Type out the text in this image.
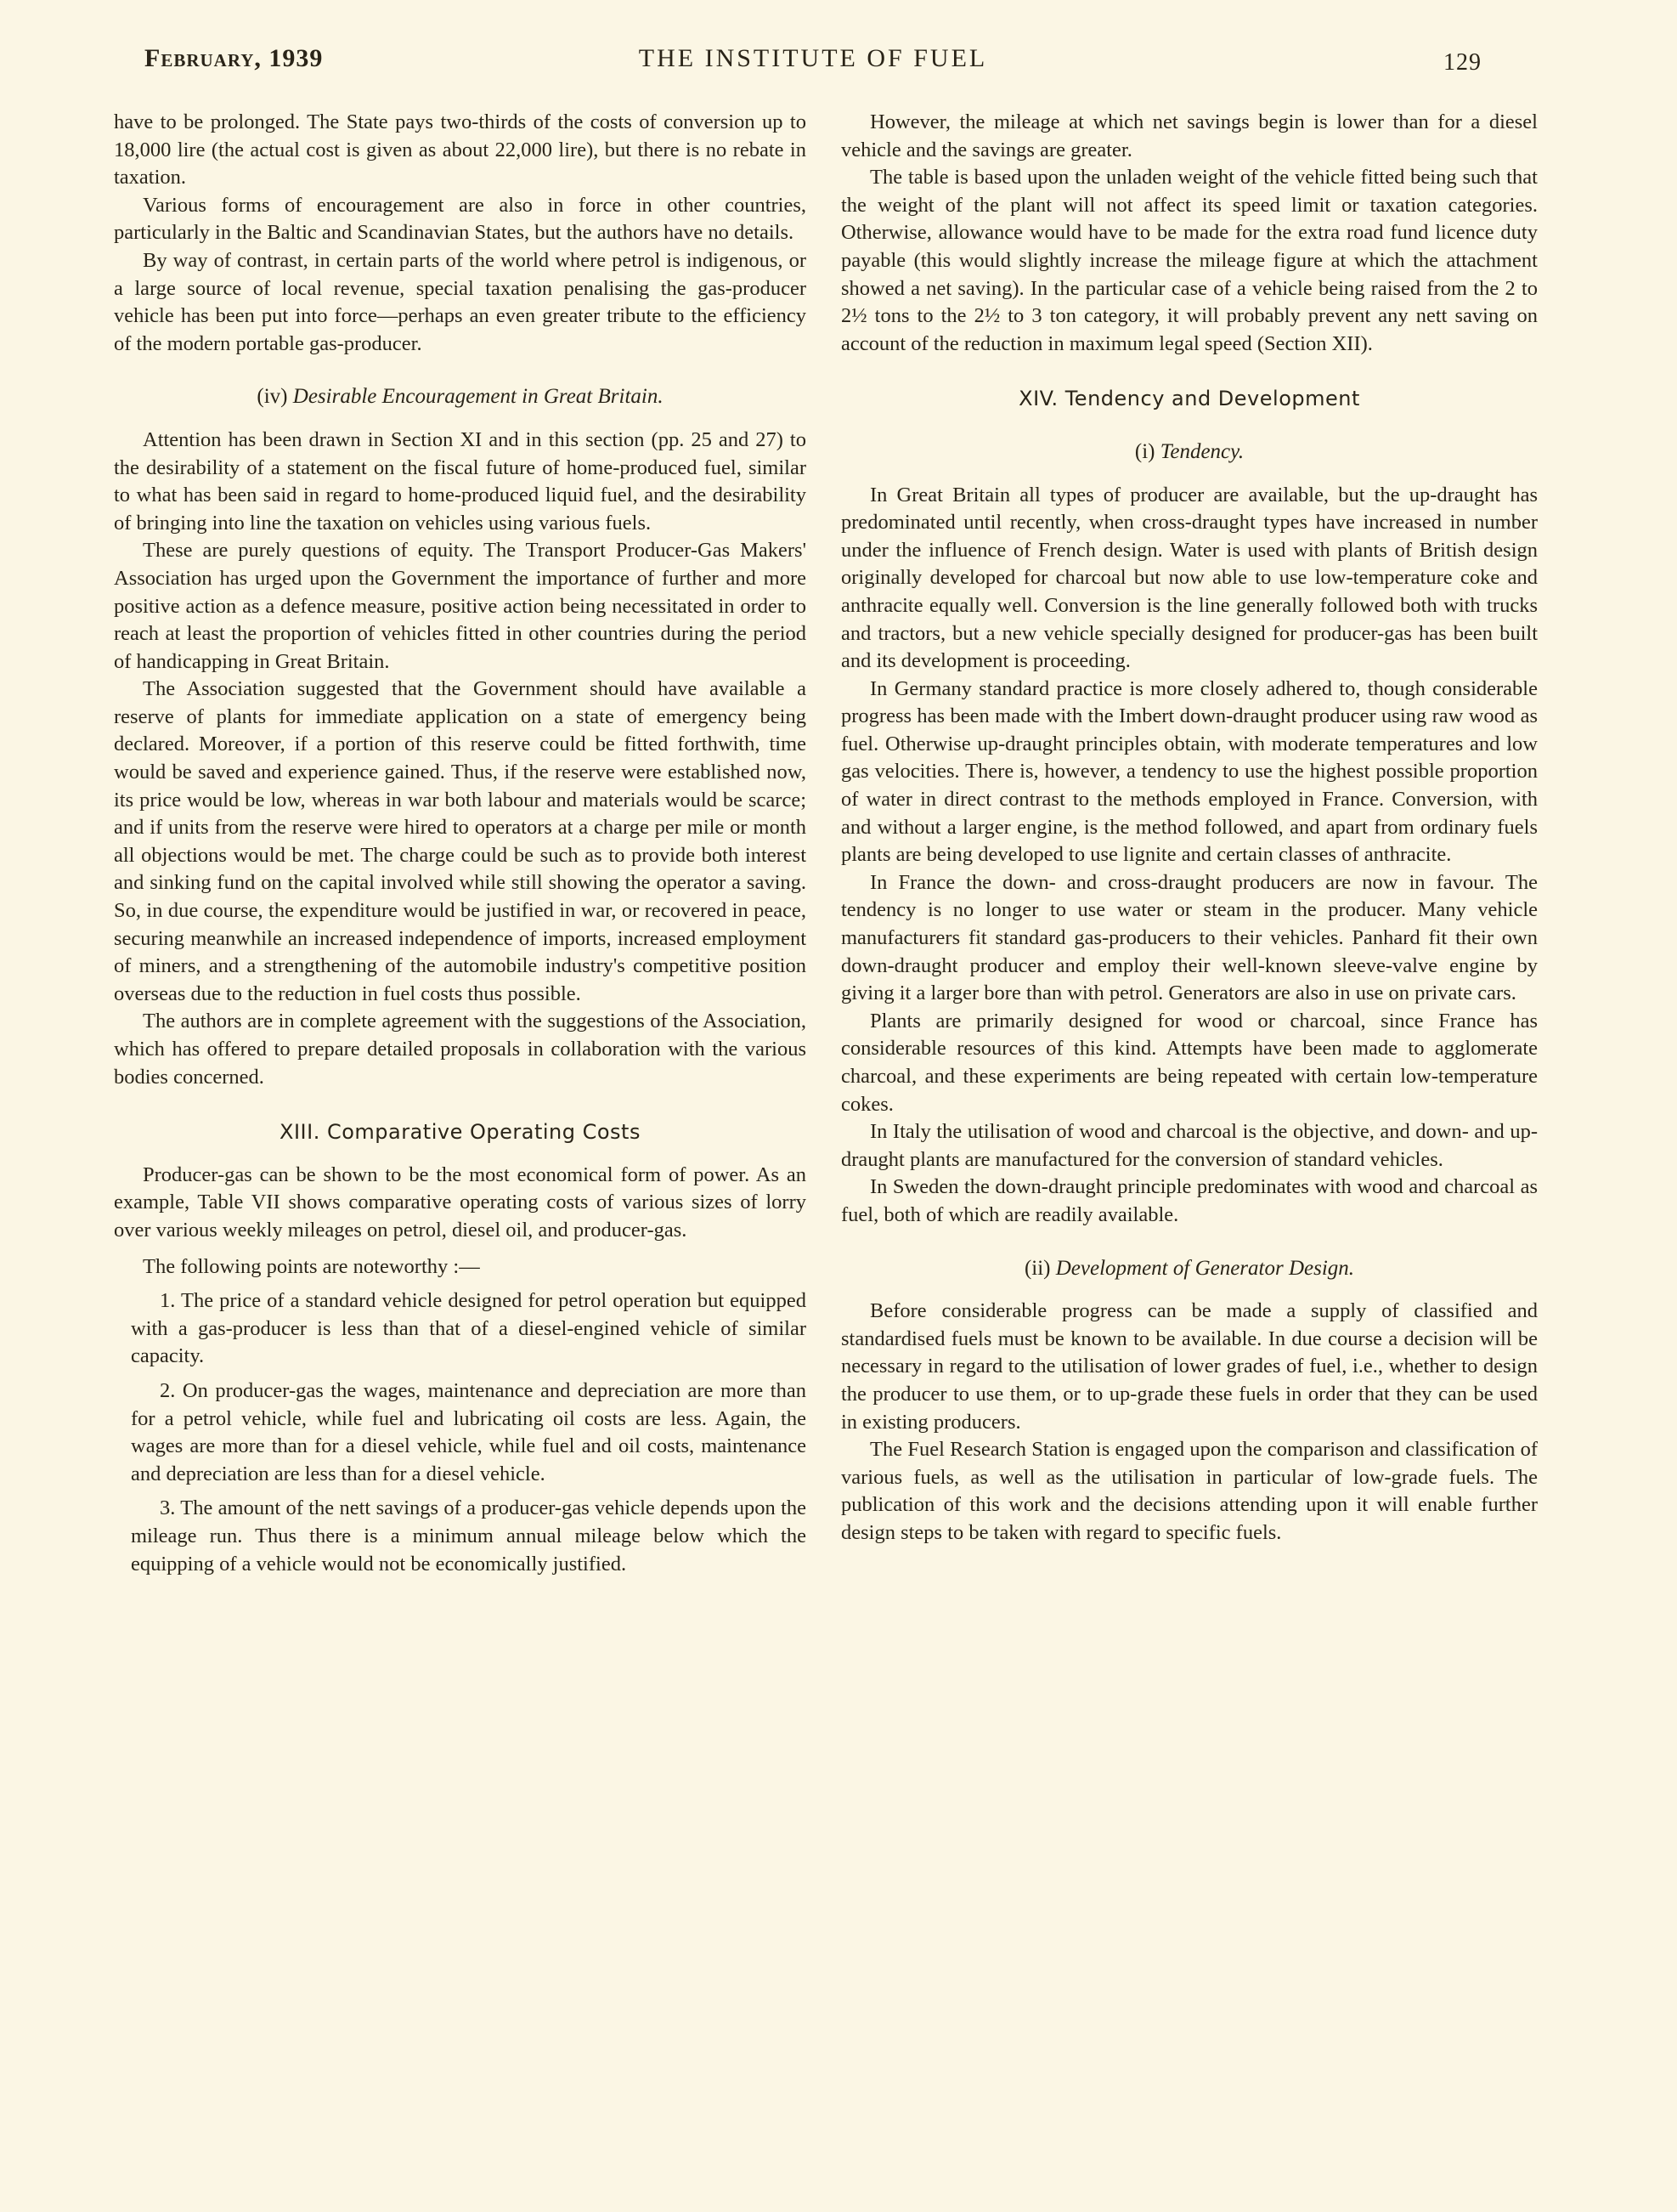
February, 1939	THE INSTITUTE OF FUEL	129

have to be prolonged. The State pays two-thirds of the costs of conversion up to 18,000 lire (the actual cost is given as about 22,000 lire), but there is no rebate in taxation.

Various forms of encouragement are also in force in other countries, particularly in the Baltic and Scandinavian States, but the authors have no details.

By way of contrast, in certain parts of the world where petrol is indigenous, or a large source of local revenue, special taxation penalising the gas-producer vehicle has been put into force—perhaps an even greater tribute to the efficiency of the modern portable gas-producer.

(iv) Desirable Encouragement in Great Britain.

Attention has been drawn in Section XI and in this section (pp. 25 and 27) to the desirability of a statement on the fiscal future of home-produced fuel, similar to what has been said in regard to home-produced liquid fuel, and the desirability of bringing into line the taxation on vehicles using various fuels.

These are purely questions of equity. The Transport Producer-Gas Makers' Association has urged upon the Government the importance of further and more positive action as a defence measure, positive action being necessitated in order to reach at least the proportion of vehicles fitted in other countries during the period of handicapping in Great Britain.

The Association suggested that the Government should have available a reserve of plants for immediate application on a state of emergency being declared. Moreover, if a portion of this reserve could be fitted forthwith, time would be saved and experience gained. Thus, if the reserve were established now, its price would be low, whereas in war both labour and materials would be scarce; and if units from the reserve were hired to operators at a charge per mile or month all objections would be met. The charge could be such as to provide both interest and sinking fund on the capital involved while still showing the operator a saving. So, in due course, the expenditure would be justified in war, or recovered in peace, securing meanwhile an increased independence of imports, increased employment of miners, and a strengthening of the automobile industry's competitive position overseas due to the reduction in fuel costs thus possible.

The authors are in complete agreement with the suggestions of the Association, which has offered to prepare detailed proposals in collaboration with the various bodies concerned.

XIII. Comparative Operating Costs

Producer-gas can be shown to be the most economical form of power. As an example, Table VII shows comparative operating costs of various sizes of lorry over various weekly mileages on petrol, diesel oil, and producer-gas.

The following points are noteworthy :—

1. The price of a standard vehicle designed for petrol operation but equipped with a gas-producer is less than that of a diesel-engined vehicle of similar capacity.

2. On producer-gas the wages, maintenance and depreciation are more than for a petrol vehicle, while fuel and lubricating oil costs are less. Again, the wages are more than for a diesel vehicle, while fuel and oil costs, maintenance and depreciation are less than for a diesel vehicle.

3. The amount of the nett savings of a producer-gas vehicle depends upon the mileage run. Thus there is a minimum annual mileage below which the equipping of a vehicle would not be economically justified.

However, the mileage at which net savings begin is lower than for a diesel vehicle and the savings are greater.

The table is based upon the unladen weight of the vehicle fitted being such that the weight of the plant will not affect its speed limit or taxation categories. Otherwise, allowance would have to be made for the extra road fund licence duty payable (this would slightly increase the mileage figure at which the attachment showed a net saving). In the particular case of a vehicle being raised from the 2 to 2½ tons to the 2½ to 3 ton category, it will probably prevent any nett saving on account of the reduction in maximum legal speed (Section XII).

XIV. Tendency and Development
(i) Tendency.

In Great Britain all types of producer are available, but the up-draught has predominated until recently, when cross-draught types have increased in number under the influence of French design. Water is used with plants of British design originally developed for charcoal but now able to use low-temperature coke and anthracite equally well. Conversion is the line generally followed both with trucks and tractors, but a new vehicle specially designed for producer-gas has been built and its development is proceeding.

In Germany standard practice is more closely adhered to, though considerable progress has been made with the Imbert down-draught producer using raw wood as fuel. Otherwise up-draught principles obtain, with moderate temperatures and low gas velocities. There is, however, a tendency to use the highest possible proportion of water in direct contrast to the methods employed in France. Conversion, with and without a larger engine, is the method followed, and apart from ordinary fuels plants are being developed to use lignite and certain classes of anthracite.

In France the down- and cross-draught producers are now in favour. The tendency is no longer to use water or steam in the producer. Many vehicle manufacturers fit standard gas-producers to their vehicles. Panhard fit their own down-draught producer and employ their well-known sleeve-valve engine by giving it a larger bore than with petrol. Generators are also in use on private cars.

Plants are primarily designed for wood or charcoal, since France has considerable resources of this kind. Attempts have been made to agglomerate charcoal, and these experiments are being repeated with certain low-temperature cokes.

In Italy the utilisation of wood and charcoal is the objective, and down- and up-draught plants are manufactured for the conversion of standard vehicles.

In Sweden the down-draught principle predominates with wood and charcoal as fuel, both of which are readily available.

(ii) Development of Generator Design.

Before considerable progress can be made a supply of classified and standardised fuels must be known to be available. In due course a decision will be necessary in regard to the utilisation of lower grades of fuel, i.e., whether to design the producer to use them, or to up-grade these fuels in order that they can be used in existing producers.

The Fuel Research Station is engaged upon the comparison and classification of various fuels, as well as the utilisation in particular of low-grade fuels. The publication of this work and the decisions attending upon it will enable further design steps to be taken with regard to specific fuels.
